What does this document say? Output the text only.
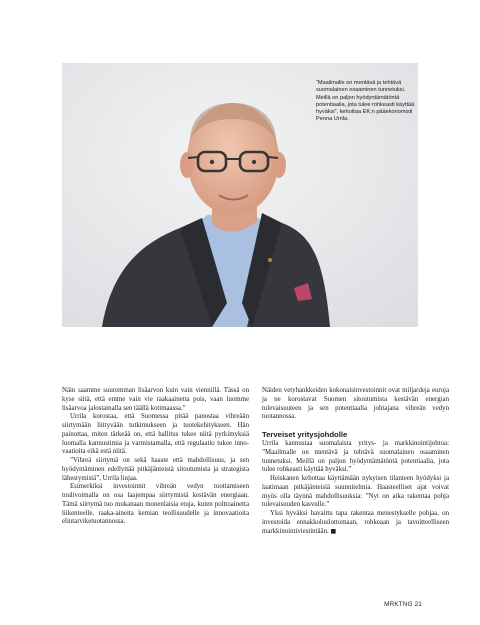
”Maailmalle on mentävä ja tehtävä suomalainen osaaminen tunnetuksi. Meillä on paljon hyödyntämätöntä potentiaalia, jota tulee rohkeasti käyttää hyväksi”, kehottaa EK:n pääekonomisti Penna Urrila.

Näin saamme suuremman lisäarvon kuin vain viennillä. Tässä on kyse siitä, että emme vain vie raakaainetta pois, vaan luomme lisäarvoa jalostamalla sen täällä kotimaassa.”

Urrila korostaa, että Suomessa pitää panostaa vihreään siirtymään liittyvään tutkimukseen ja tuotekehitykseen. Hän painottaa, miten tärkeää on, että hallitus tukee niitä pyrkimyksiä luomalla kannustimia ja varmistamalla, että regulaatio tukee innovaatioita eikä estä niitä.

”Vihreä siirtymä on sekä haaste että mahdollisuus, ja sen hyödyntäminen edellyttää pitkäjänteistä sitoutumista ja strategista lähestymistä”, Urrila linjaa.

Esimerkiksi investoinnit vihreän vedyn tuottamiseen tuulivoimalla on osa laajempaa siirtymistä kestävän energiaan. Tämä siirtymä tuo mukanaan monenlaisia etuja, kuten polttoainetta liikenteelle, raaka-aineita kemian teollisuudelle ja innovaatioita elintarviketuotannossa.

Näiden vetyhankkeiden kokonaisinvestoinnit ovat miljardeja euroja ja ne korostavat Suomen sitoutumista kestävän energian tulevaisuuteen ja sen potentiaalia johtajana vihreän vedyn tuotannossa.

Terveiset yritysjohdolle

Urrila kannustaa suomalaista yritys- ja markkinointijohtoa: ”Maailmalle on mentävä ja tehtävä suomalainen osaaminen tunnetuksi. Meillä on paljon hyödyntämätöntä potentiaalia, jota tulee rohkeasti käyttää hyväksi.”

Heiskanen kehottaa käyttämään nykyisen tilanteen hyödyksi ja laatimaan pitkäjänteisiä suunnitelmia. Haasteelliset ajat voivat myös olla täynnä mahdollisuuksia: ”Nyt on aika rakentaa pohja tulevaisuuden kasvulle.”

Yksi hyväksi havaittu tapa rakentaa menestykselle pohjaa, on investoida ennakkoluulottomaan, rohkeaan ja tavoitteelliseen markkinointiviestintään. ■

MRKTNG 21
